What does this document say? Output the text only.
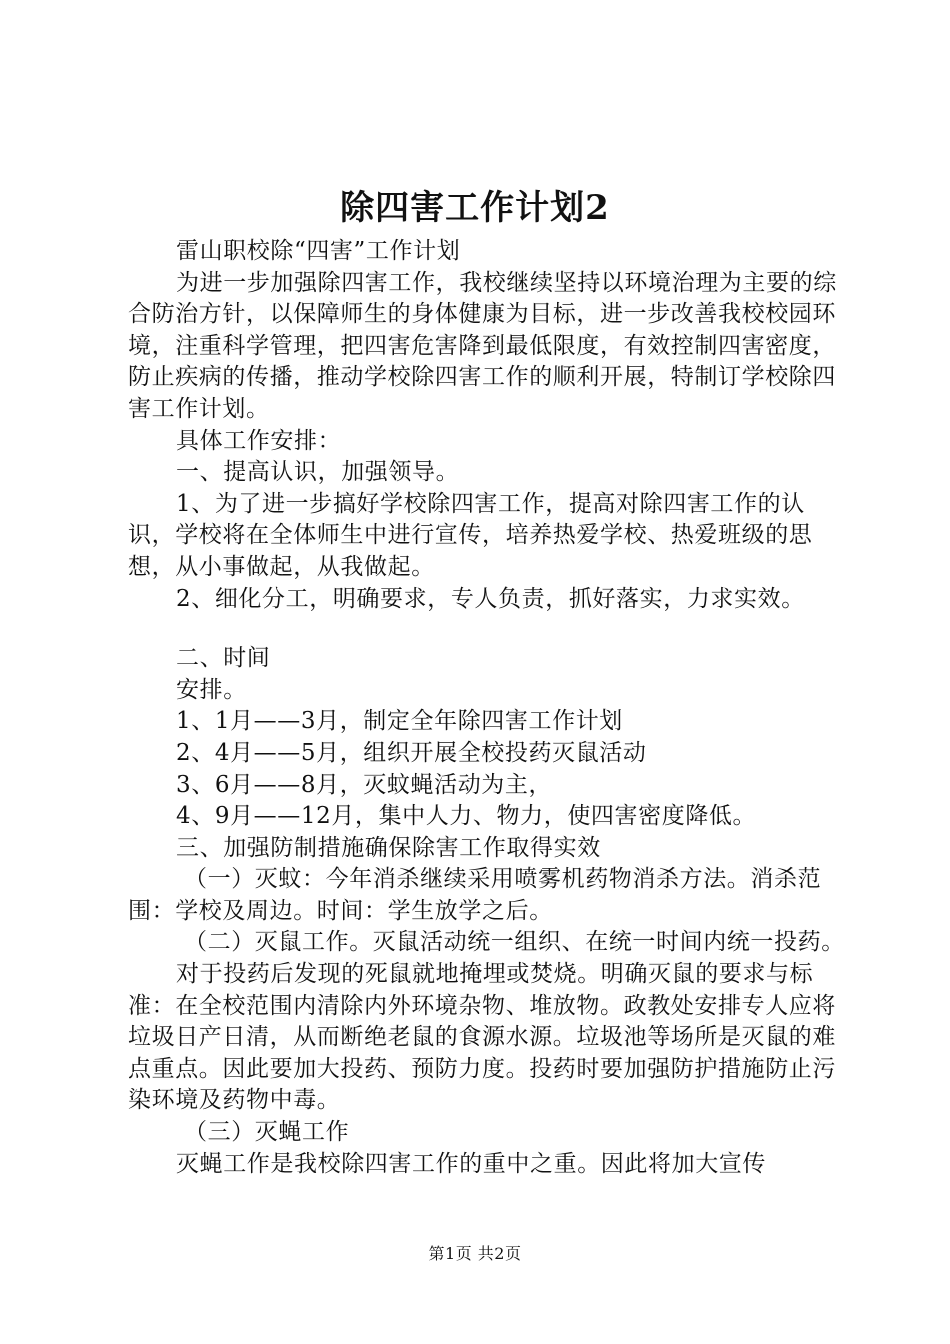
除四害工作计划2

雷山职校除“四害”工作计划

为进一步加强除四害工作，我校继续坚持以环境治理为主要的综合防治方针，以保障师生的身体健康为目标，进一步改善我校校园环境，注重科学管理，把四害危害降到最低限度，有效控制四害密度，防止疾病的传播，推动学校除四害工作的顺利开展，特制订学校除四害工作计划。

具体工作安排：

一、提高认识，加强领导。

1、为了进一步搞好学校除四害工作，提高对除四害工作的认识，学校将在全体师生中进行宣传，培养热爱学校、热爱班级的思想，从小事做起，从我做起。

2、细化分工，明确要求，专人负责，抓好落实，力求实效。

二、时间

安排。

1、1月——3月，制定全年除四害工作计划

2、4月——5月，组织开展全校投药灭鼠活动

3、6月——8月，灭蚊蝇活动为主，

4、9月——12月，集中人力、物力，使四害密度降低。

三、加强防制措施确保除害工作取得实效

（一）灭蚊：今年消杀继续采用喷雾机药物消杀方法。消杀范围：学校及周边。时间：学生放学之后。

（二）灭鼠工作。灭鼠活动统一组织、在统一时间内统一投药。

对于投药后发现的死鼠就地掩埋或焚烧。明确灭鼠的要求与标准：在全校范围内清除内外环境杂物、堆放物。政教处安排专人应将垃圾日产日清，从而断绝老鼠的食源水源。垃圾池等场所是灭鼠的难点重点。因此要加大投药、预防力度。投药时要加强防护措施防止污染环境及药物中毒。

（三）灭蝇工作

灭蝇工作是我校除四害工作的重中之重。因此将加大宣传

第1页 共2页
